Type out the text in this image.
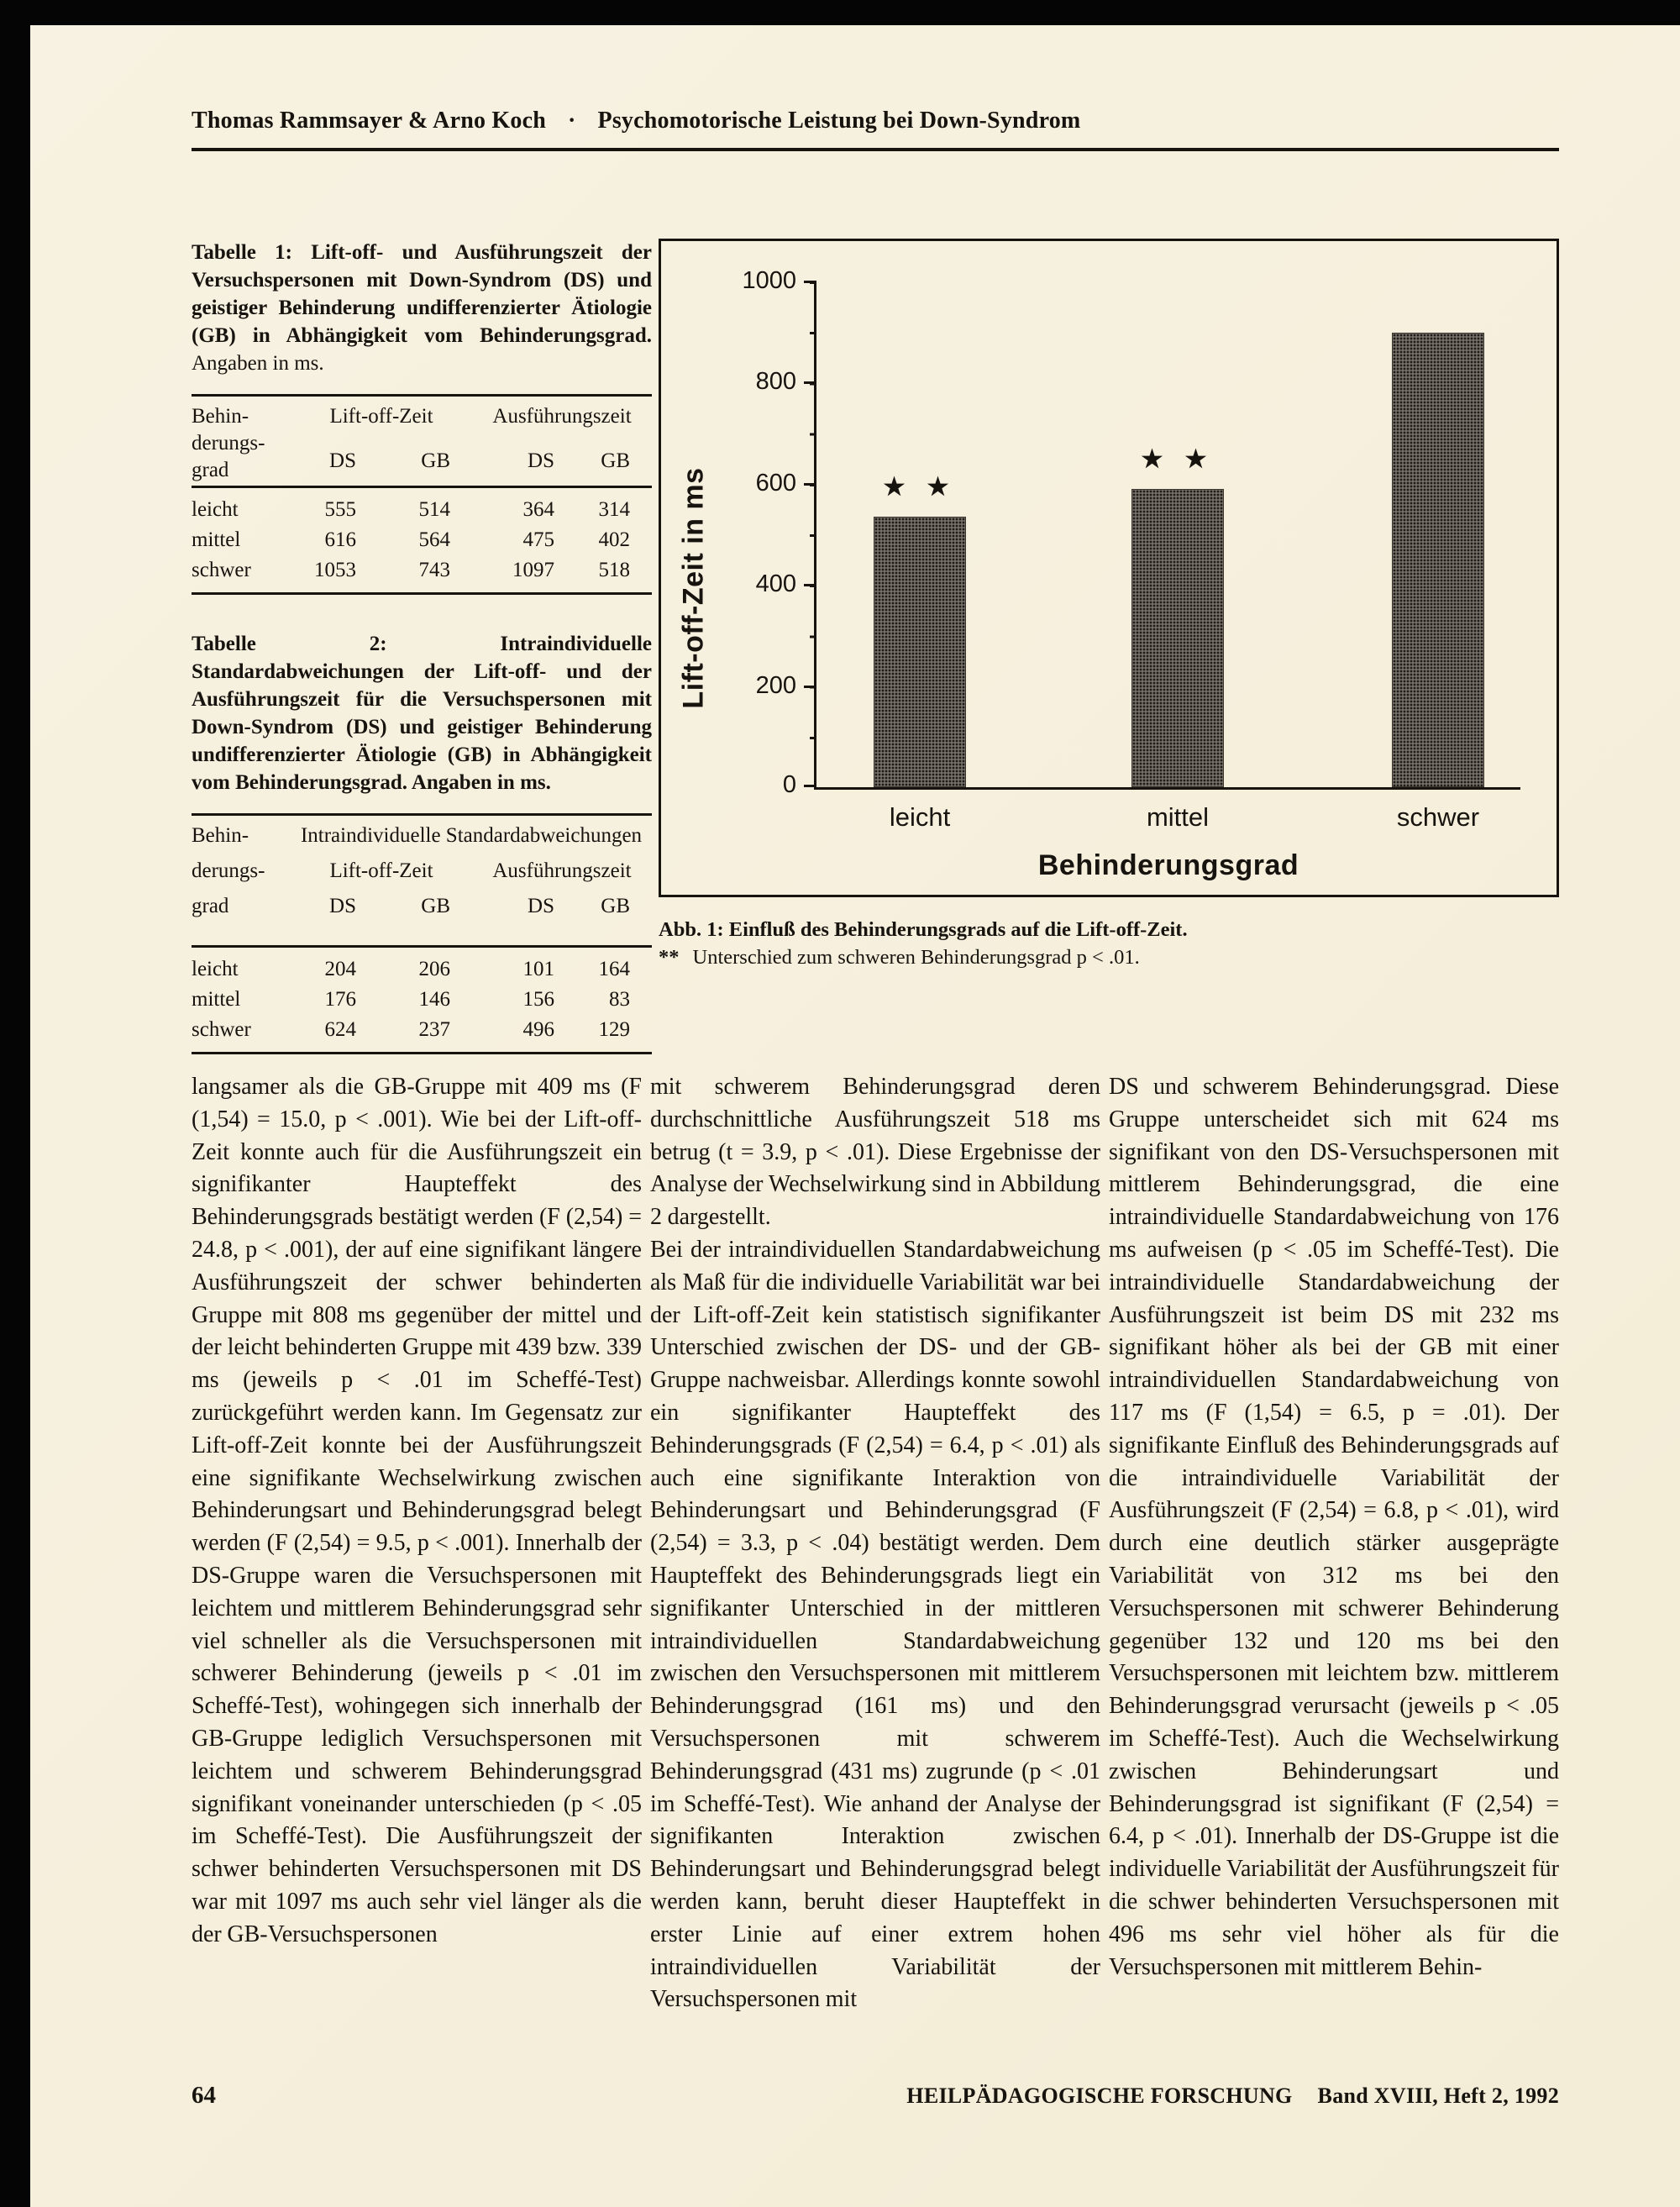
Thomas Rammsayer & Arno Koch · Psychomotorische Leistung bei Down-Syndrom
Tabelle 1: Lift-off- und Ausführungszeit der Versuchspersonen mit Down-Syndrom (DS) und geistiger Behinderung undifferenzierter Ätiologie (GB) in Abhängigkeit vom Behinderungsgrad. Angaben in ms.
Behin-
derungs-
grad	Lift-off-Zeit		Ausführungszeit	
	DS	GB	DS	GB
leicht	555	514	364	314
mittel	616	564	475	402
schwer	1053	743	1097	518
Tabelle 2: Intraindividuelle Standardabweichungen der Lift-off- und der Ausführungszeit für die Versuchspersonen mit Down-Syndrom (DS) und geistiger Behinderung undifferenzierter Ätiologie (GB) in Abhängigkeit vom Behinderungsgrad. Angaben in ms.
Behin-	Intraindividuelle Standardabweichungen			
derungs-	Lift-off-Zeit		Ausführungszeit	
grad	DS	GB	DS	GB
leicht	204	206	101	164
mittel	176	146	156	83
schwer	624	237	496	129
1000
800
600
400
200
0
Lift-off-Zeit in ms	★ ★
★ ★
leicht	mittel	schwer
Behinderungsgrad
Abb. 1: Einfluß des Behinderungsgrads auf die Lift-off-Zeit.
** Unterschied zum schweren Behinderungsgrad p < .01.
langsamer als die GB-Gruppe mit 409 ms (F (1,54) = 15.0, p < .001). Wie bei der Lift-off-Zeit konnte auch für die Ausführungszeit ein signifikanter Haupteffekt des Behinderungsgrads bestätigt werden (F (2,54) = 24.8, p < .001), der auf eine signifikant längere Ausführungszeit der schwer behinderten Gruppe mit 808 ms gegenüber der mittel und der leicht behinderten Gruppe mit 439 bzw. 339 ms (jeweils p < .01 im Scheffé-Test) zurückgeführt werden kann. Im Gegensatz zur Lift-off-Zeit konnte bei der Ausführungszeit eine signifikante Wechselwirkung zwischen Behinderungsart und Behinderungsgrad belegt werden (F (2,54) = 9.5, p < .001). Innerhalb der DS-Gruppe waren die Versuchspersonen mit leichtem und mittlerem Behinderungsgrad sehr viel schneller als die Versuchspersonen mit schwerer Behinderung (jeweils p < .01 im Scheffé-Test), wohingegen sich innerhalb der GB-Gruppe lediglich Versuchspersonen mit leichtem und schwerem Behinderungsgrad signifikant voneinander unterschieden (p < .05 im Scheffé-Test). Die Ausführungszeit der schwer behinderten Versuchspersonen mit DS war mit 1097 ms auch sehr viel länger als die der GB-Versuchspersonen
mit schwerem Behinderungsgrad deren durchschnittliche Ausführungszeit 518 ms betrug (t = 3.9, p < .01). Diese Ergebnisse der Analyse der Wechselwirkung sind in Abbildung 2 dargestellt.
Bei der intraindividuellen Standardabweichung als Maß für die individuelle Variabilität war bei der Lift-off-Zeit kein statistisch signifikanter Unterschied zwischen der DS- und der GB-Gruppe nachweisbar. Allerdings konnte sowohl ein signifikanter Haupteffekt des Behinderungsgrads (F (2,54) = 6.4, p < .01) als auch eine signifikante Interaktion von Behinderungsart und Behinderungsgrad (F (2,54) = 3.3, p < .04) bestätigt werden. Dem Haupteffekt des Behinderungsgrads liegt ein signifikanter Unterschied in der mittleren intraindividuellen Standardabweichung zwischen den Versuchspersonen mit mittlerem Behinderungsgrad (161 ms) und den Versuchspersonen mit schwerem Behinderungsgrad (431 ms) zugrunde (p < .01 im Scheffé-Test). Wie anhand der Analyse der signifikanten Interaktion zwischen Behinderungsart und Behinderungsgrad belegt werden kann, beruht dieser Haupteffekt in erster Linie auf einer extrem hohen intraindividuellen Variabilität der Versuchspersonen mit
DS und schwerem Behinderungsgrad. Diese Gruppe unterscheidet sich mit 624 ms signifikant von den DS-Versuchspersonen mit mittlerem Behinderungsgrad, die eine intraindividuelle Standardabweichung von 176 ms aufweisen (p < .05 im Scheffé-Test). Die intraindividuelle Standardabweichung der Ausführungszeit ist beim DS mit 232 ms signifikant höher als bei der GB mit einer intraindividuellen Standardabweichung von 117 ms (F (1,54) = 6.5, p = .01). Der signifikante Einfluß des Behinderungsgrads auf die intraindividuelle Variabilität der Ausführungszeit (F (2,54) = 6.8, p < .01), wird durch eine deutlich stärker ausgeprägte Variabilität von 312 ms bei den Versuchspersonen mit schwerer Behinderung gegenüber 132 und 120 ms bei den Versuchspersonen mit leichtem bzw. mittlerem Behinderungsgrad verursacht (jeweils p < .05 im Scheffé-Test). Auch die Wechselwirkung zwischen Behinderungsart und Behinderungsgrad ist signifikant (F (2,54) = 6.4, p < .01). Innerhalb der DS-Gruppe ist die individuelle Variabilität der Ausführungszeit für die schwer behinderten Versuchspersonen mit 496 ms sehr viel höher als für die Versuchspersonen mit mittlerem Behin-
64	HEILPÄDAGOGISCHE FORSCHUNG Band XVIII, Heft 2, 1992
